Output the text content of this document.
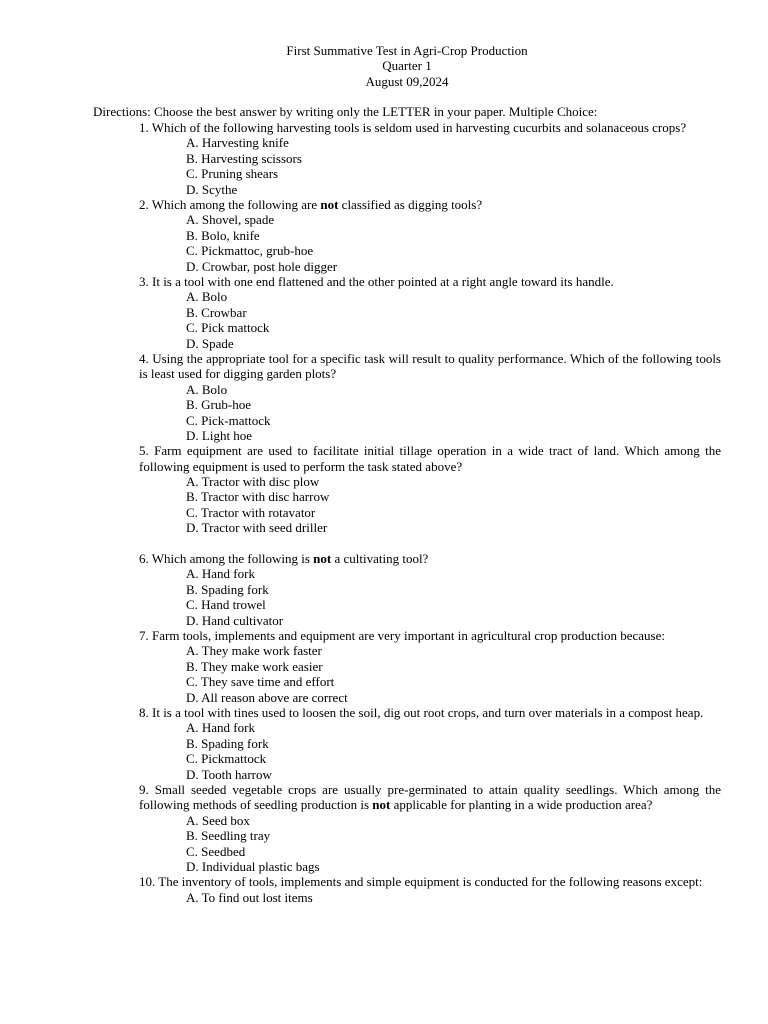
First Summative Test in Agri-Crop Production
Quarter 1
August 09,2024
Directions: Choose the best answer by writing only the LETTER in your paper. Multiple Choice:
1. Which of the following harvesting tools is seldom used in harvesting cucurbits and solanaceous crops?
A. Harvesting knife
B. Harvesting scissors
C. Pruning shears
D. Scythe
2. Which among the following are not classified as digging tools?
A. Shovel, spade
B. Bolo, knife
C. Pickmattoc, grub-hoe
D. Crowbar, post hole digger
3. It is a tool with one end flattened and the other pointed at a right angle toward its handle.
A. Bolo
B. Crowbar
C. Pick mattock
D. Spade
4. Using the appropriate tool for a specific task will result to quality performance. Which of the following tools is least used for digging garden plots?
A. Bolo
B. Grub-hoe
C. Pick-mattock
D. Light hoe
5. Farm equipment are used to facilitate initial tillage operation in a wide tract of land. Which among the following equipment is used to perform the task stated above?
A. Tractor with disc plow
B. Tractor with disc harrow
C. Tractor with rotavator
D. Tractor with seed driller
6. Which among the following is not a cultivating tool?
A. Hand fork
B. Spading fork
C. Hand trowel
D. Hand cultivator
7. Farm tools, implements and equipment are very important in agricultural crop production because:
A. They make work faster
B. They make work easier
C. They save time and effort
D. All reason above are correct
8. It is a tool with tines used to loosen the soil, dig out root crops, and turn over materials in a compost heap.
A. Hand fork
B. Spading fork
C. Pickmattock
D. Tooth harrow
9. Small seeded vegetable crops are usually pre-germinated to attain quality seedlings. Which among the following methods of seedling production is not applicable for planting in a wide production area?
A. Seed box
B. Seedling tray
C. Seedbed
D. Individual plastic bags
10. The inventory of tools, implements and simple equipment is conducted for the following reasons except:
A. To find out lost items
